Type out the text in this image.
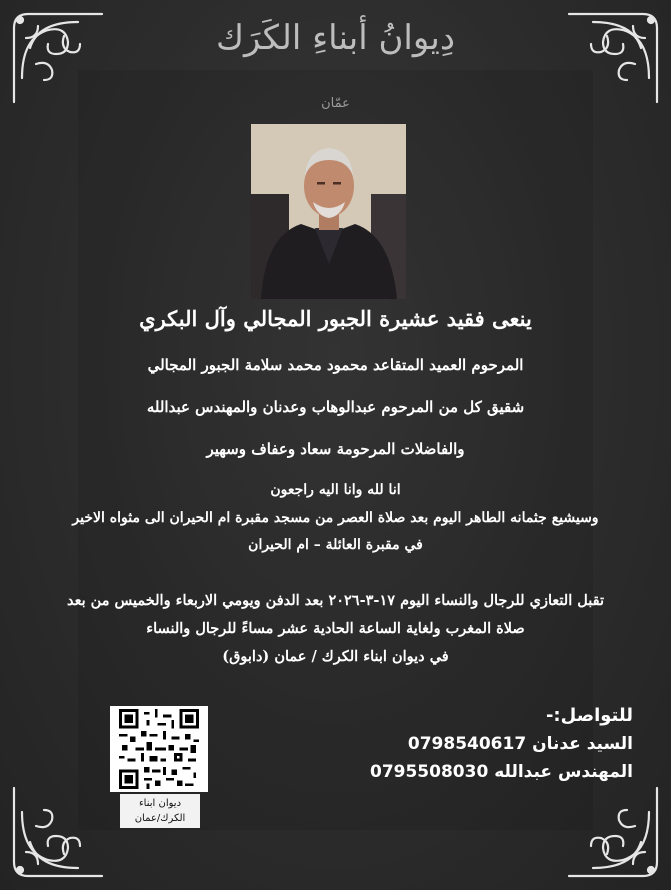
دِيوانُ أبناءِ الكَرَك
عمّان
ينعى فقيد عشيرة الجبور المجالي وآل البكري
المرحوم العميد المتقاعد محمود محمد سلامة الجبور المجالي
شقيق كل من المرحوم عبدالوهاب وعدنان والمهندس عبدالله
والفاضلات المرحومة سعاد وعفاف وسهير
انا لله وانا اليه راجعون
وسيشيع جثمانه الطاهر اليوم بعد صلاة العصر من مسجد مقبرة ام الحيران الى مثواه الاخير
في مقبرة العائلة – ام الحيران
تقبل التعازي للرجال والنساء اليوم ١٧-٣-٢٠٢٦ بعد الدفن ويومي الاربعاء والخميس من بعد
صلاة المغرب ولغاية الساعة الحادية عشر مساءً للرجال والنساء
في ديوان ابناء الكرك / عمان (دابوق)
للتواصل:-
السيد عدنان 0798540617
المهندس عبدالله 0795508030
ديوان ابناء
الكرك/عمان
